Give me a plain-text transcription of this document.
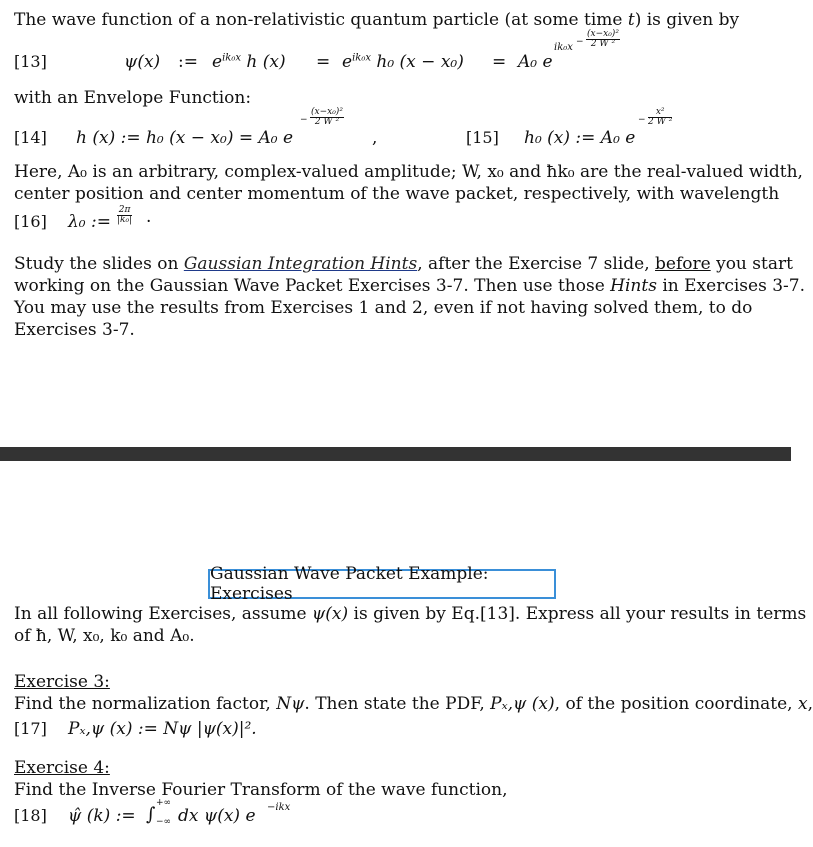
The wave function of a non-relativistic quantum particle (at some time t) is given by
[13]	ψ(x) := $e^{ik_0x}$ h $(x) = e^{ik_0x}$ h₀ (x − x₀) = A₀ e
ik₀x −
(x−x₀)²
2 W ²
with an Envelope Function:
[14] h (x) := h₀ (x − x₀) = A₀ e
−
(x−x₀)²
2 W ²
,	[15] h₀ (x) := A₀ e
−
x²
2 W ²
Here, A₀ is an arbitrary, complex-valued amplitude; W, x₀ and ħk₀ are the real-valued width,
center position and center momentum of the wave packet, respectively, with wavelength
[16] λ₀ := $\frac{2\pi}{\text{|k₀|}}$ ·
Study the slides on Gaussian Integration Hints, after the Exercise 7 slide, before you start
working on the Gaussian Wave Packet Exercises 3-7. Then use those Hints in Exercises 3-7.
You may use the results from Exercises 1 and 2, even if not having solved them, to do
Exercises 3-7.
Gaussian Wave Packet Example: Exercises
In all following Exercises, assume ψ(x) is given by Eq.[13]. Express all your results in terms
of ħ, W, x₀, k₀ and A₀.
Exercise 3:
Find the normalization factor, Nψ. Then state the PDF, Pₓ,ψ (x), of the position coordinate, x,
[17] Pₓ,ψ (x) := Nψ |ψ(x)|².
Exercise 4:
Find the Inverse Fourier Transform of the wave function,
[18] ψ̂ (k) := ∫
+∞
−∞ dx ψ(x) e −ikx
